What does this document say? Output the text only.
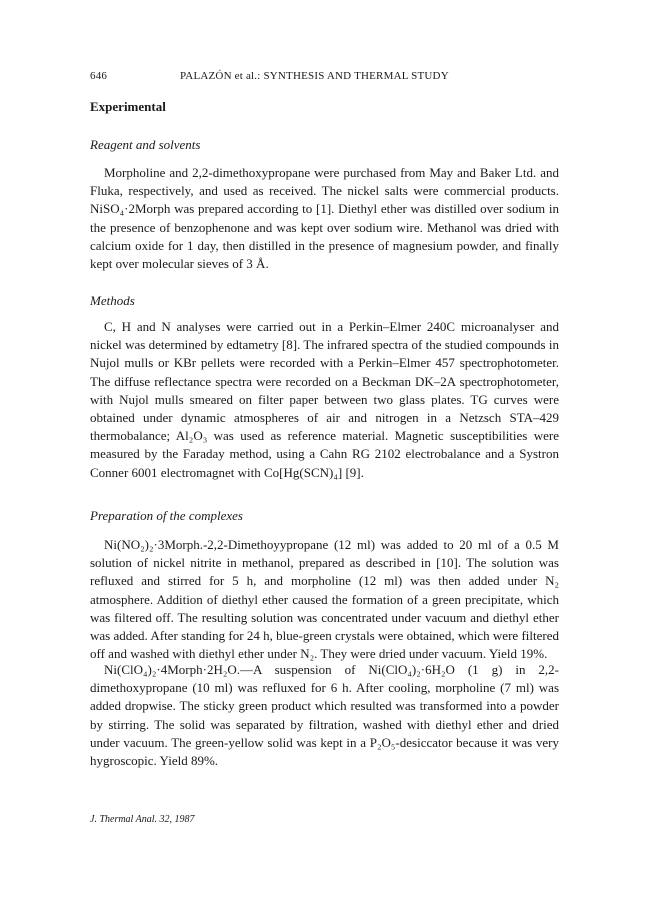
646	PALAZÓN et al.: SYNTHESIS AND THERMAL STUDY
Experimental
Reagent and solvents

Morpholine and 2,2-dimethoxypropane were purchased from May and Baker Ltd. and Fluka, respectively, and used as received. The nickel salts were commercial products. NiSO₄·2Morph was prepared according to [1]. Diethyl ether was distilled over sodium in the presence of benzophenone and was kept over sodium wire. Methanol was dried with calcium oxide for 1 day, then distilled in the presence of magnesium powder, and finally kept over molecular sieves of 3 Å.

Methods

C, H and N analyses were carried out in a Perkin–Elmer 240C microanalyser and nickel was determined by edtametry [8]. The infrared spectra of the studied compounds in Nujol mulls or KBr pellets were recorded with a Perkin–Elmer 457 spectrophotometer. The diffuse reflectance spectra were recorded on a Beckman DK–2A spectrophotometer, with Nujol mulls smeared on filter paper between two glass plates. TG curves were obtained under dynamic atmospheres of air and nitrogen in a Netzsch STA–429 thermobalance; Al₂O₃ was used as reference material. Magnetic susceptibilities were measured by the Faraday method, using a Cahn RG 2102 electrobalance and a Systron Conner 6001 electromagnet with Co[Hg(SCN)₄] [9].

Preparation of the complexes

Ni(NO₂)₂·3Morph.-2,2-Dimethoyypropane (12 ml) was added to 20 ml of a 0.5 M solution of nickel nitrite in methanol, prepared as described in [10]. The solution was refluxed and stirred for 5 h, and morpholine (12 ml) was then added under N₂ atmosphere. Addition of diethyl ether caused the formation of a green precipitate, which was filtered off. The resulting solution was concentrated under vacuum and diethyl ether was added. After standing for 24 h, blue-green crystals were obtained, which were filtered off and washed with diethyl ether under N₂. They were dried under vacuum. Yield 19%.

Ni(ClO₄)₂·4Morph·2H₂O.—A suspension of Ni(ClO₄)₂·6H₂O (1 g) in 2,2-dimethoxypropane (10 ml) was refluxed for 6 h. After cooling, morpholine (7 ml) was added dropwise. The sticky green product which resulted was transformed into a powder by stirring. The solid was separated by filtration, washed with diethyl ether and dried under vacuum. The green-yellow solid was kept in a P₂O₅-desiccator because it was very hygroscopic. Yield 89%.

J. Thermal Anal. 32, 1987
